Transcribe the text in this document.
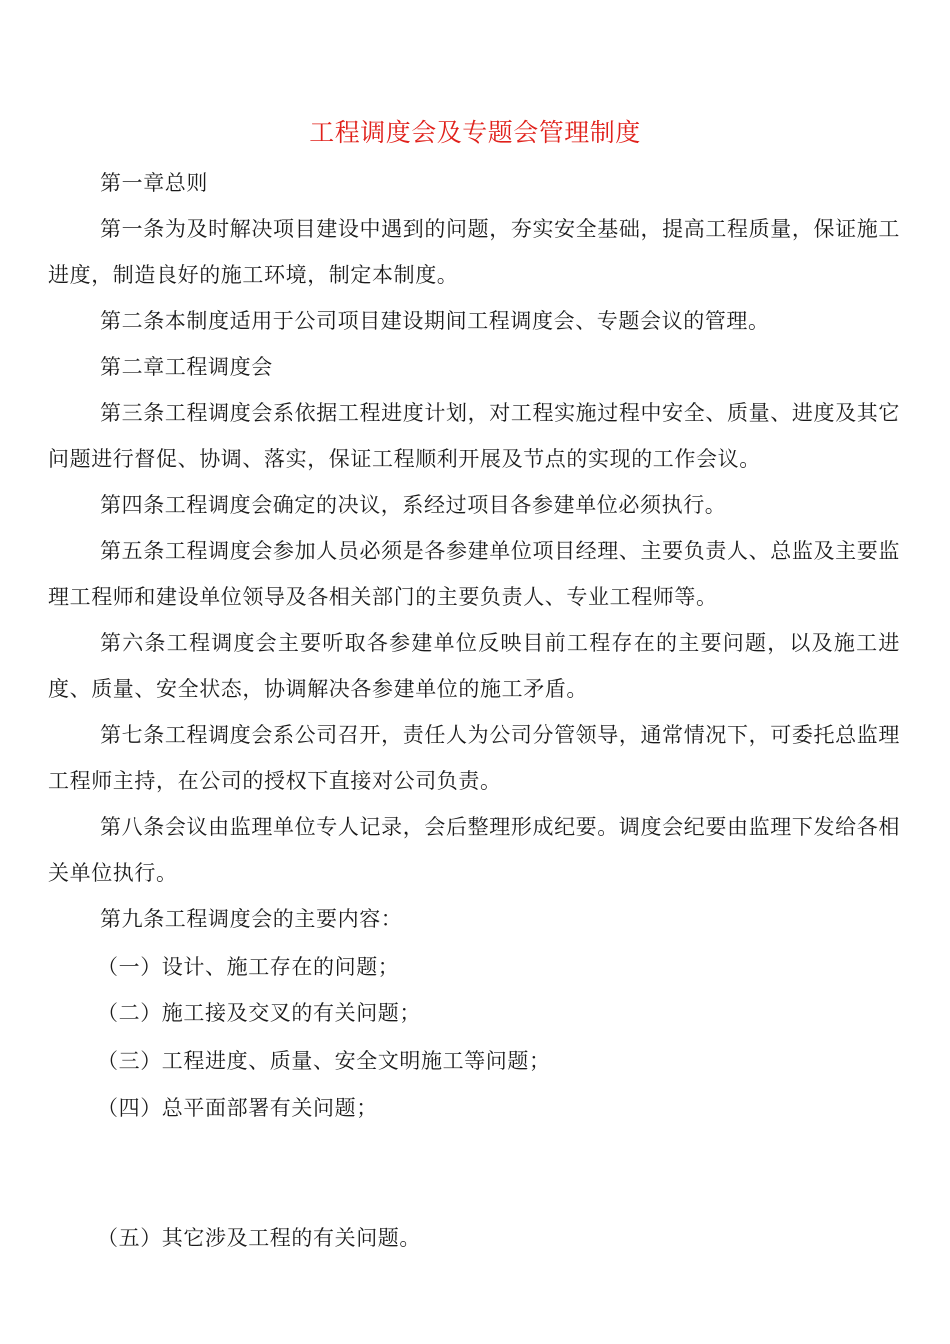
工程调度会及专题会管理制度

第一章总则

第一条为及时解决项目建设中遇到的问题，夯实安全基础，提高工程质量，保证施工进度，制造良好的施工环境，制定本制度。

第二条本制度适用于公司项目建设期间工程调度会、专题会议的管理。

第二章工程调度会

第三条工程调度会系依据工程进度计划，对工程实施过程中安全、质量、进度及其它问题进行督促、协调、落实，保证工程顺利开展及节点的实现的工作会议。

第四条工程调度会确定的决议，系经过项目各参建单位必须执行。

第五条工程调度会参加人员必须是各参建单位项目经理、主要负责人、总监及主要监理工程师和建设单位领导及各相关部门的主要负责人、专业工程师等。

第六条工程调度会主要听取各参建单位反映目前工程存在的主要问题，以及施工进度、质量、安全状态，协调解决各参建单位的施工矛盾。

第七条工程调度会系公司召开，责任人为公司分管领导，通常情况下，可委托总监理工程师主持，在公司的授权下直接对公司负责。

第八条会议由监理单位专人记录，会后整理形成纪要。调度会纪要由监理下发给各相关单位执行。

第九条工程调度会的主要内容：

（一）设计、施工存在的问题；

（二）施工接及交叉的有关问题；

（三）工程进度、质量、安全文明施工等问题；

（四）总平面部署有关问题；

（五）其它涉及工程的有关问题。
